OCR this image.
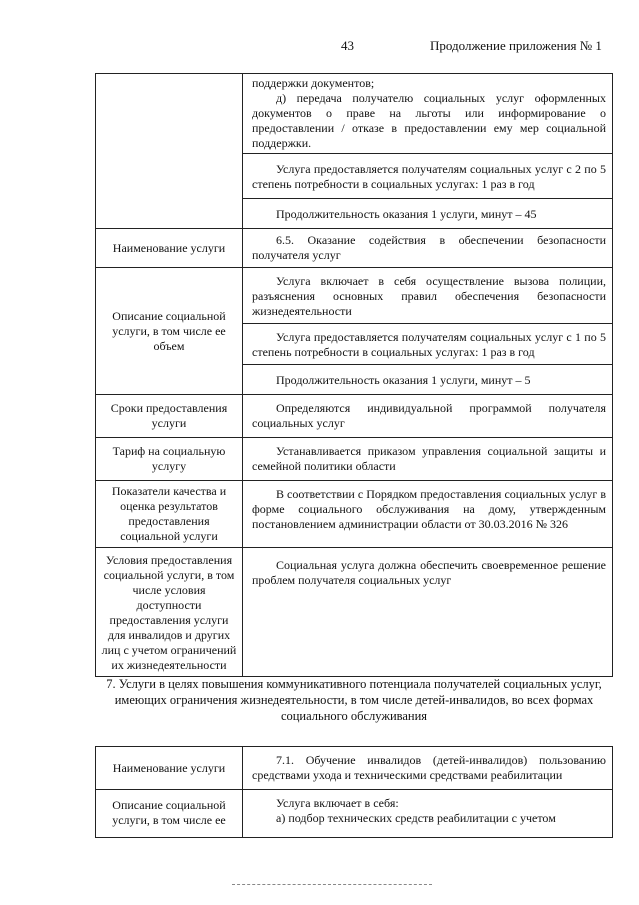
43	Продолжение приложения № 1
	поддержки документов;
д) передача получателю социальных услуг оформленных документов о праве на льготы или информирование о предоставлении / отказе в предоставлении ему мер социальной поддержки.

	Услуга предоставляется получателям социальных услуг с 2 по 5 степень потребности в социальных услугах: 1 раз в год

	Продолжительность оказания 1 услуги, минут – 45

Наименование услуги	6.5. Оказание содействия в обеспечении безопасности получателя услуг

Описание социальной услуги, в том числе ее объем	Услуга включает в себя осуществление вызова полиции, разъяснения основных правил обеспечения безопасности жизнедеятельности

	Услуга предоставляется получателям социальных услуг с 1 по 5 степень потребности в социальных услугах: 1 раз в год

	Продолжительность оказания 1 услуги, минут – 5

Сроки предоставления услуги	Определяются индивидуальной программой получателя социальных услуг

Тариф на социальную услугу	Устанавливается приказом управления социальной защиты и семейной политики области

Показатели качества и оценка результатов предоставления социальной услуги	В соответствии с Порядком предоставления социальных услуг в форме социального обслуживания на дому, утвержденным постановлением администрации области от 30.03.2016 № 326

Условия предоставления социальной услуги, в том числе условия доступности предоставления услуги для инвалидов и других лиц с учетом ограничений их жизнедеятельности	Социальная услуга должна обеспечить своевременное решение проблем получателя социальных услуг
7. Услуги в целях повышения коммуникативного потенциала получателей социальных услуг, имеющих ограничения жизнедеятельности, в том числе детей-инвалидов, во всех формах социального обслуживания
Наименование услуги	7.1. Обучение инвалидов (детей-инвалидов) пользованию средствами ухода и техническими средствами реабилитации

Описание социальной услуги, в том числе ее	Услуга включает в себя:
а) подбор технических средств реабилитации с учетом
